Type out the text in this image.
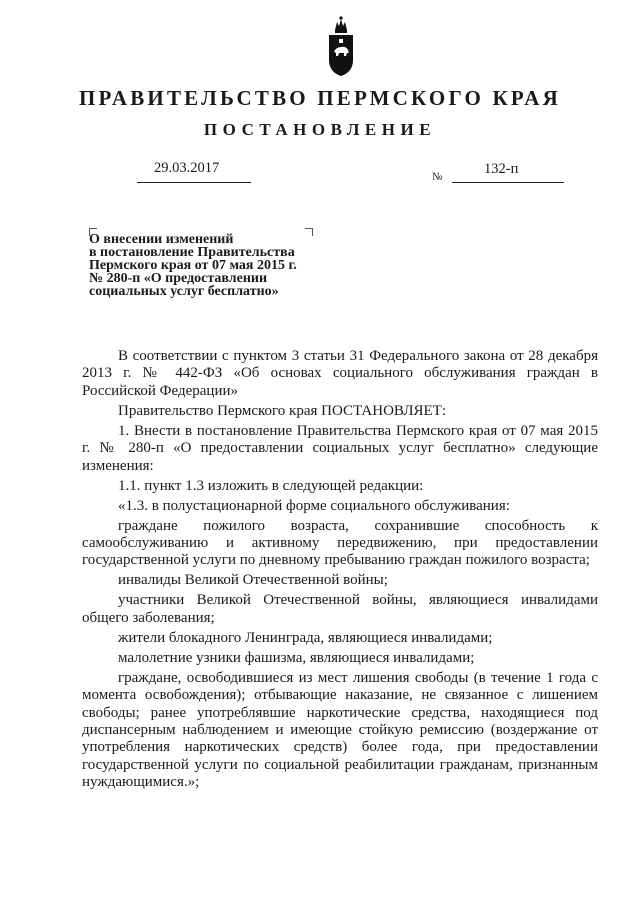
ПРАВИТЕЛЬСТВО ПЕРМСКОГО КРАЯ
ПОСТАНОВЛЕНИЕ
29.03.2017
№	132-п
О внесении изменений
в постановление Правительства
Пермского края от 07 мая 2015 г.
№ 280-п «О предоставлении
социальных услуг бесплатно»

В соответствии с пунктом 3 статьи 31 Федерального закона от 28 декабря 2013 г. № 442-ФЗ «Об основах социального обслуживания граждан в Российской Федерации»

Правительство Пермского края ПОСТАНОВЛЯЕТ:

1. Внести в постановление Правительства Пермского края от 07 мая 2015 г. № 280-п «О предоставлении социальных услуг бесплатно» следующие изменения:

1.1. пункт 1.3 изложить в следующей редакции:

«1.3. в полустационарной форме социального обслуживания:

граждане пожилого возраста, сохранившие способность к самообслуживанию и активному передвижению, при предоставлении государственной услуги по дневному пребыванию граждан пожилого возраста;

инвалиды Великой Отечественной войны;

участники Великой Отечественной войны, являющиеся инвалидами общего заболевания;

жители блокадного Ленинграда, являющиеся инвалидами;

малолетние узники фашизма, являющиеся инвалидами;

граждане, освободившиеся из мест лишения свободы (в течение 1 года с момента освобождения); отбывающие наказание, не связанное с лишением свободы; ранее употреблявшие наркотические средства, находящиеся под диспансерным наблюдением и имеющие стойкую ремиссию (воздержание от употребления наркотических средств) более года, при предоставлении государственной услуги по социальной реабилитации гражданам, признанным нуждающимися.»;
